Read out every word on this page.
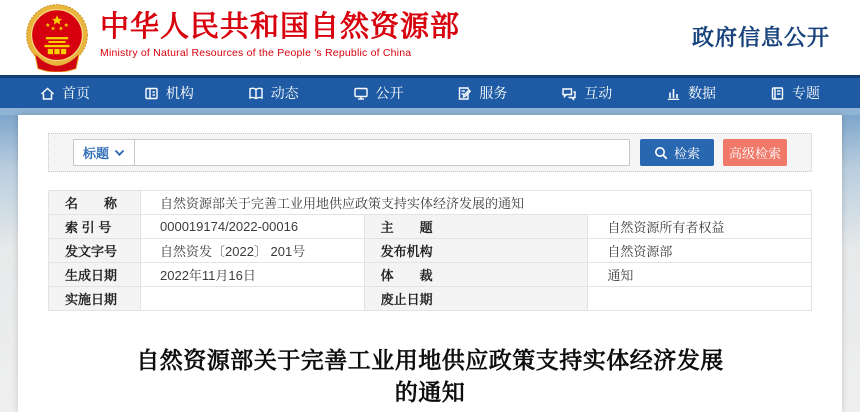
中华人民共和国自然资源部
Ministry of Natural Resources of the People 's Republic of China
政府信息公开
首页	机构	动态	公开	服务	互动	数据	专题
标题	检索	高级检索
名　　称	自然资源部关于完善工业用地供应政策支持实体经济发展的通知		
索 引 号	000019174/2022-00016	主　　题	自然资源所有者权益
发文字号	自然资发〔2022〕 201号	发布机构	自然资源部
生成日期	2022年11月16日	体　　裁	通知
实施日期		废止日期	
自然资源部关于完善工业用地供应政策支持实体经济发展
的通知
